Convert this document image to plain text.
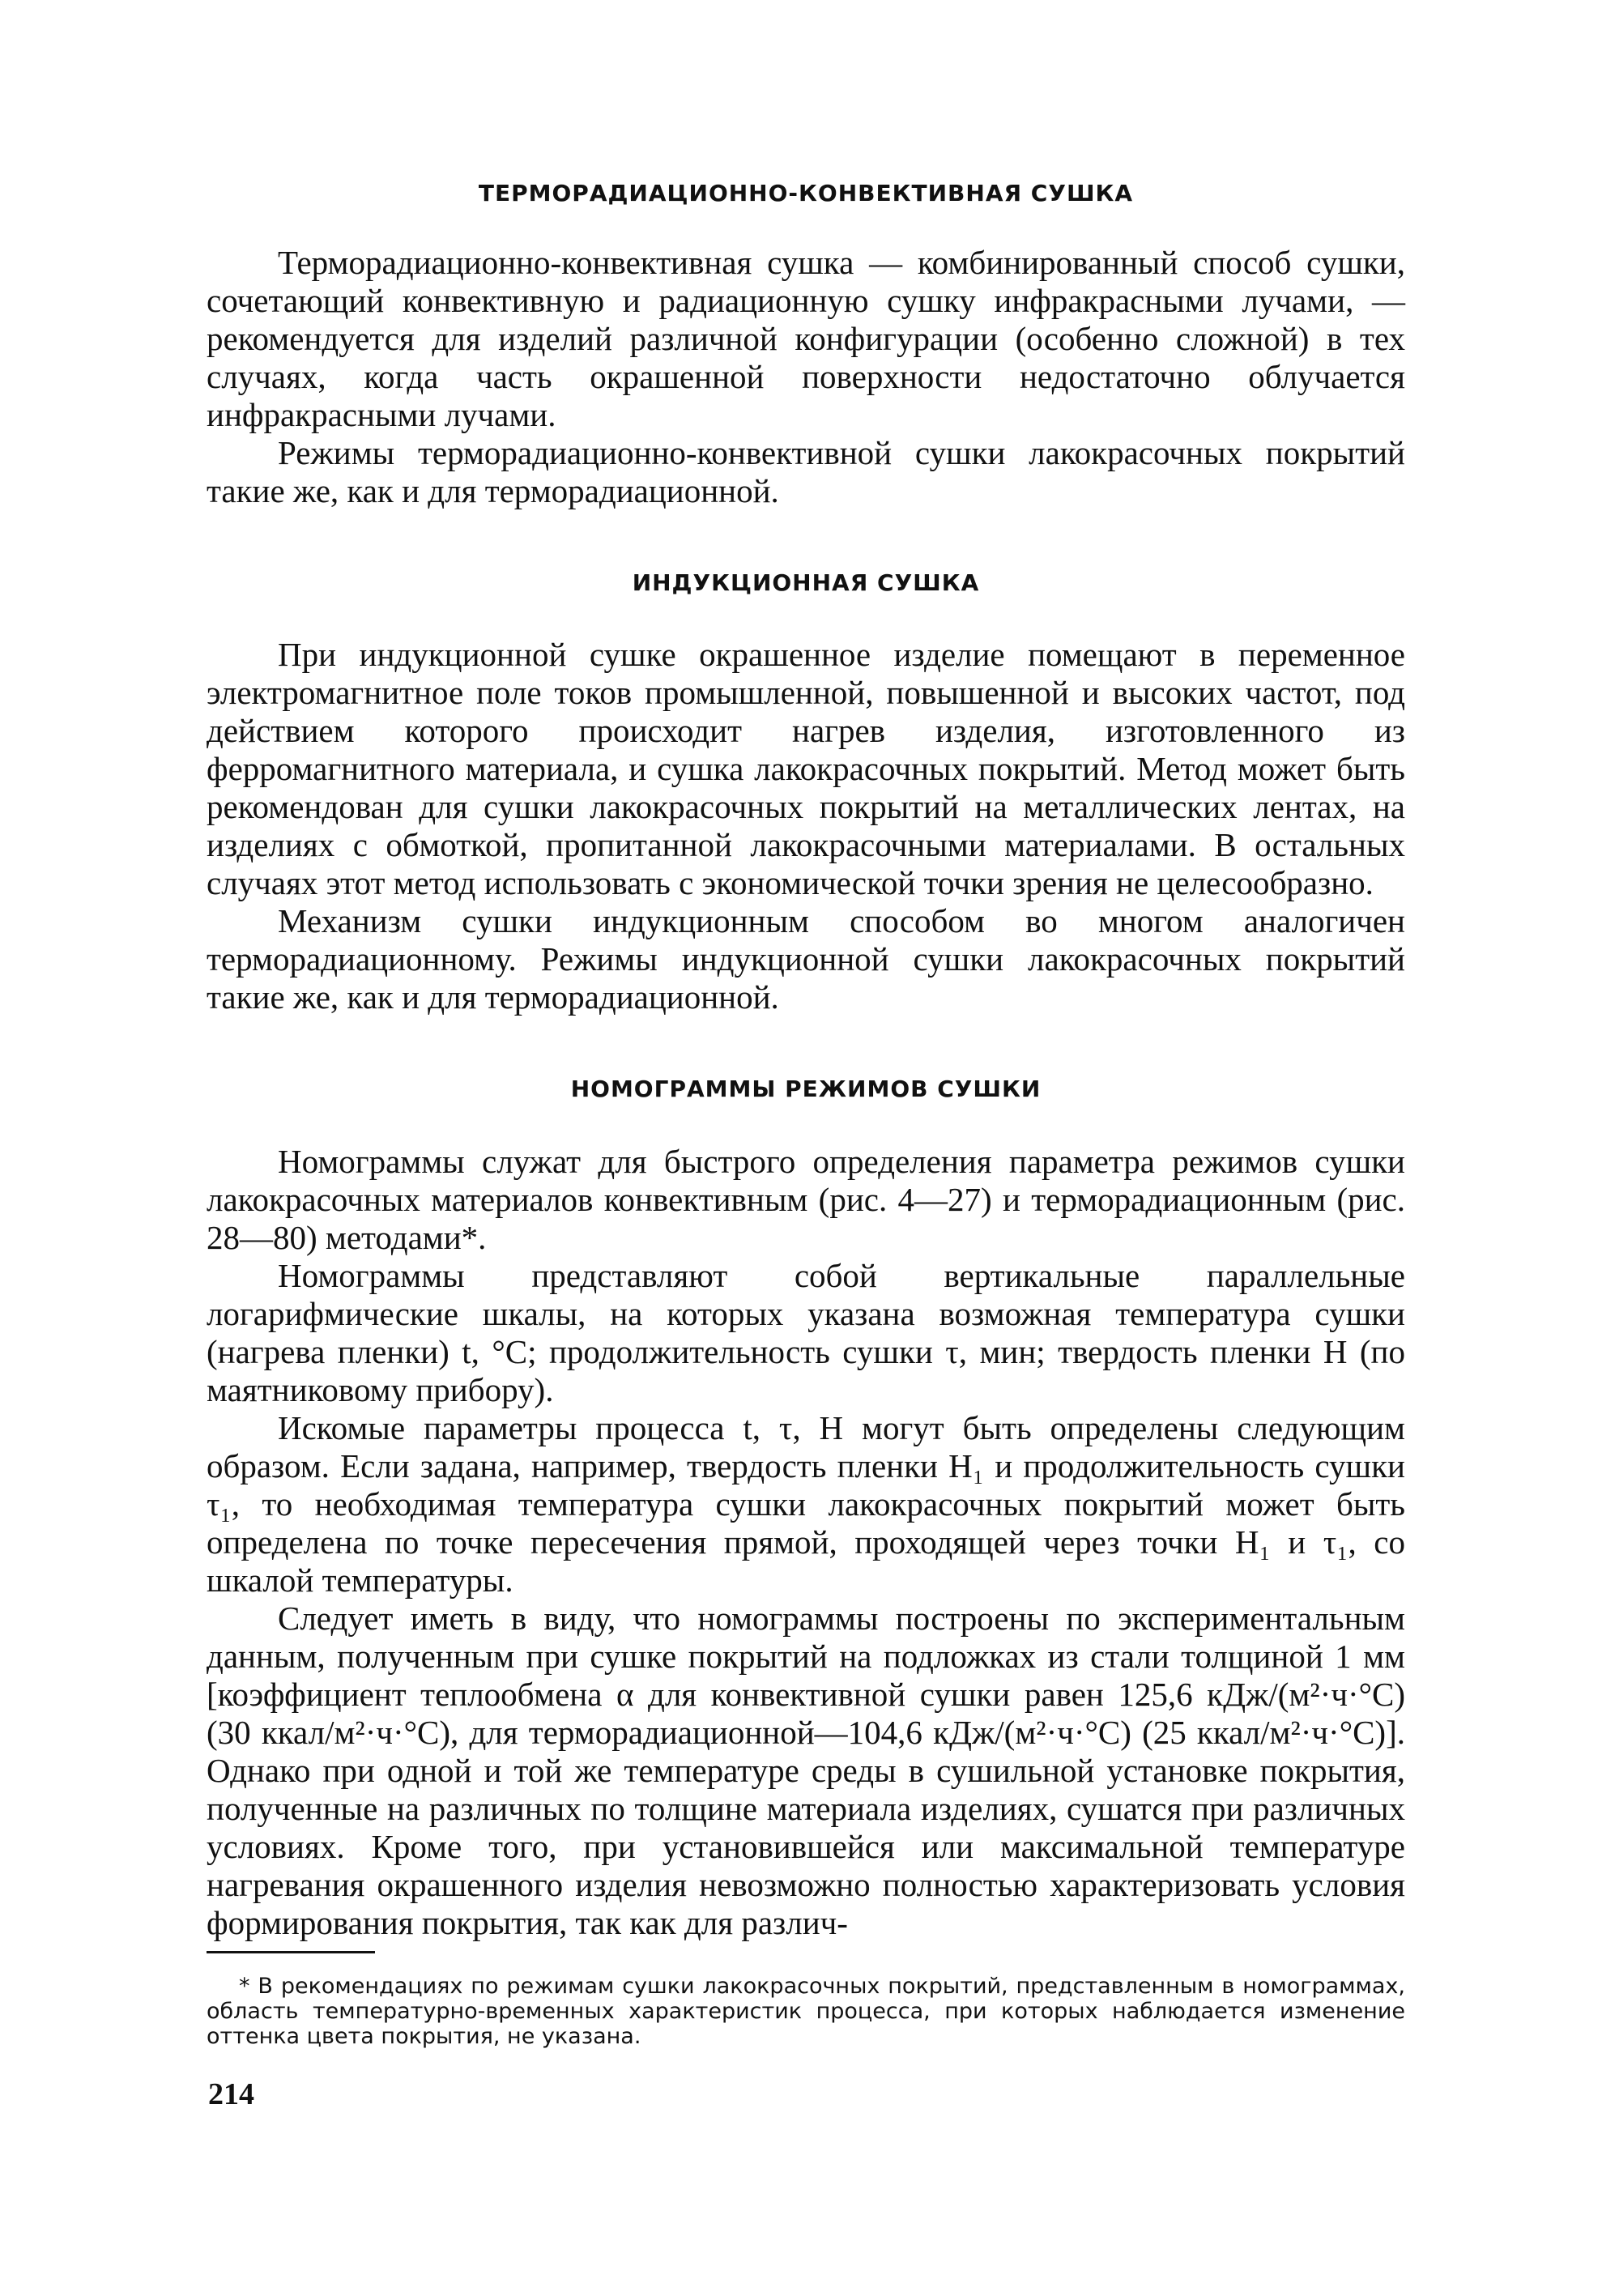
ТЕРМОРАДИАЦИОННО-КОНВЕКТИВНАЯ СУШКА

Терморадиационно-конвективная сушка — комбинированный способ сушки, сочетающий конвективную и радиационную сушку инфракрасными лучами, — рекомендуется для изделий различной конфигурации (особенно сложной) в тех случаях, когда часть окрашенной поверхности недостаточно облучается инфракрасными лучами.

Режимы терморадиационно-конвективной сушки лакокрасочных покрытий такие же, как и для терморадиационной.

ИНДУКЦИОННАЯ СУШКА

При индукционной сушке окрашенное изделие помещают в переменное электромагнитное поле токов промышленной, повышенной и высоких частот, под действием которого происходит нагрев изделия, изготовленного из ферромагнитного материала, и сушка лакокрасочных покрытий. Метод может быть рекомендован для сушки лакокрасочных покрытий на металлических лентах, на изделиях с обмоткой, пропитанной лакокрасочными материалами. В остальных случаях этот метод использовать с экономической точки зрения не целесообразно.

Механизм сушки индукционным способом во многом аналогичен терморадиационному. Режимы индукционной сушки лакокрасочных покрытий такие же, как и для терморадиационной.

НОМОГРАММЫ РЕЖИМОВ СУШКИ

Номограммы служат для быстрого определения параметра режимов сушки лакокрасочных материалов конвективным (рис. 4—27) и терморадиационным (рис. 28—80) методами*.

Номограммы представляют собой вертикальные параллельные логарифмические шкалы, на которых указана возможная температура сушки (нагрева пленки) t, °С; продолжительность сушки τ, мин; твердость пленки H (по маятниковому прибору).

Искомые параметры процесса t, τ, H могут быть определены следующим образом. Если задана, например, твердость пленки H₁ и продолжительность сушки τ₁, то необходимая температура сушки лакокрасочных покрытий может быть определена по точке пересечения прямой, проходящей через точки H₁ и τ₁, со шкалой температуры.

Следует иметь в виду, что номограммы построены по экспериментальным данным, полученным при сушке покрытий на подложках из стали толщиной 1 мм [коэффициент теплообмена α для конвективной сушки равен 125,6 кДж/(м²·ч·°С) (30 ккал/м²·ч·°С), для терморадиационной—104,6 кДж/(м²·ч·°С) (25 ккал/м²·ч·°С)]. Однако при одной и той же температуре среды в сушильной установке покрытия, полученные на различных по толщине материала изделиях, сушатся при различных условиях. Кроме того, при установившейся или максимальной температуре нагревания окрашенного изделия невозможно полностью характеризовать условия формирования покрытия, так как для различ-

* В рекомендациях по режимам сушки лакокрасочных покрытий, представленным в номограммах, область температурно-временных характеристик процесса, при которых наблюдается изменение оттенка цвета покрытия, не указана.

214
